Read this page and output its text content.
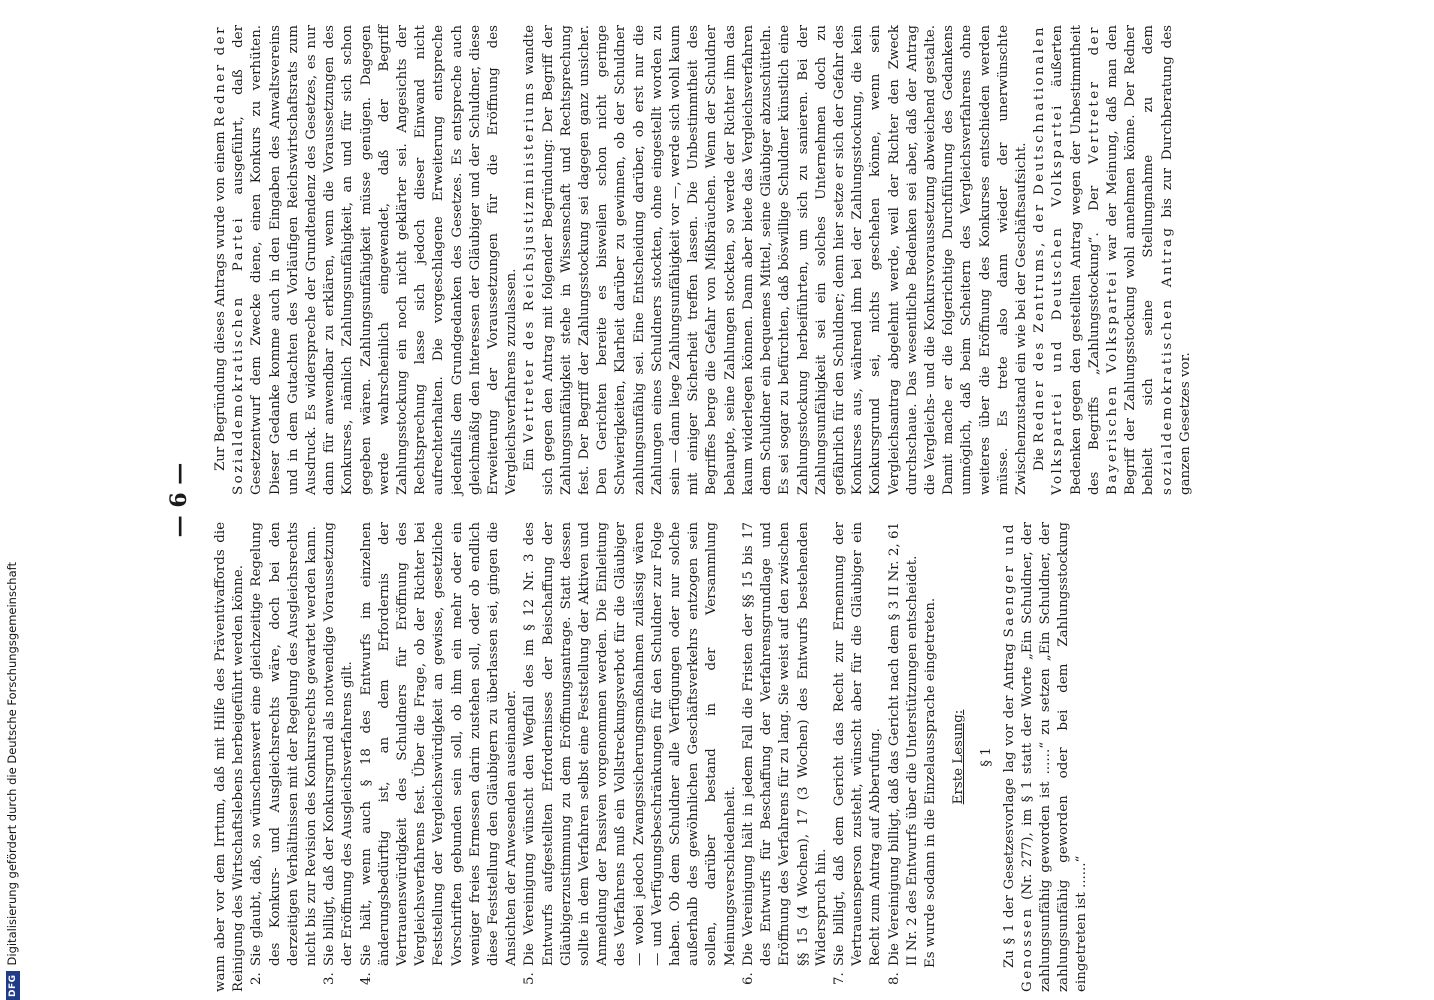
— 6 —

wann aber vor dem Irrtum, daß mit Hilfe des Präventivaffords die Reinigung des Wirtschaftslebens herbeigeführt werden könne. 2. Sie glaubt, daß, so wünschenswert eine gleichzeitige Regelung des Konkurs- und Ausgleichsrechts wäre, doch bei den derzeitigen Verhältnissen mit der Regelung des Ausgleichsrechts nicht bis zur Revision des Konkursrechts gewartet werden kann. 3. Sie billigt, daß der Konkursgrund als notwendige Voraussetzung der Eröffnung des Ausgleichsverfahrens gilt. 4. Sie hält, wenn auch § 18 des Entwurfs im einzelnen änderungsbedürftig ist, an dem Erfordernis der Vertrauenswürdigkeit des Schuldners für Eröffnung des Vergleichsverfahrens fest. Über die Frage, ob der Richter bei Feststellung der Vergleichswürdigkeit an gewisse, gesetzliche Vorschriften gebunden sein soll, ob ihm ein mehr oder ein weniger freies Ermessen darin zustehen soll, oder ob endlich diese Feststellung den Gläubigern zu überlassen sei, gingen die Ansichten der Anwesenden auseinander. 5. Die Vereinigung wünscht den Wegfall des im § 12 Nr. 3 des Entwurfs aufgestellten Erfordernisses der Beischaffung der Gläubigerzustimmung zu dem Eröffnungsantrage. Statt dessen sollte in dem Verfahren selbst eine Feststellung der Aktiven und Anmeldung der Passiven vorgenommen werden. Die Einleitung des Verfahrens muß ein Vollstreckungsverbot für die Gläubiger — wobei jedoch Zwangssicherungsmaßnahmen zulässig wären — und Verfügungsbeschränkungen für den Schuldner zur Folge haben. Ob dem Schuldner alle Verfügungen oder nur solche außerhalb des gewöhnlichen Geschäftsverkehrs entzogen sein sollen, darüber bestand in der Versammlung Meinungsverschiedenheit. 6. Die Vereinigung hält in jedem Fall die Fristen der §§ 15 bis 17 des Entwurfs für Beschaffung der Verfahrensgrundlage und Eröffnung des Verfahrens für zu lang. Sie weist auf den zwischen §§ 15 (4 Wochen), 17 (3 Wochen) des Entwurfs bestehenden Widerspruch hin. 7. Sie billigt, daß dem Gericht das Recht zur Ernennung der Vertrauensperson zusteht, wünscht aber für die Gläubiger ein Recht zum Antrag auf Abberufung. 8. Die Vereinigung billigt, daß das Gericht nach dem § 3 II Nr. 2, 61 II Nr. 2 des Entwurfs über die Unterstützungen entscheidet. Es wurde sodann in die Einzelaussprache eingetreten. Erste Lesung: § 1 Zu § 1 der Gesetzesvorlage lag vor der Antrag Saenger und Genossen (Nr. 277), im § 1 statt der Worte „Ein Schuldner, der zahlungsunfähig geworden ist ......“ zu setzen „Ein Schuldner, der zahlungsunfähig geworden oder bei dem Zahlungsstockung eingetreten ist ......“

Zur Begründung dieses Antrags wurde von einem Redner der Sozialdemokratischen Partei ausgeführt, daß der Gesetzentwurf dem Zwecke diene, einen Konkurs zu verhüten. Dieser Gedanke komme auch in den Eingaben des Anwaltsvereins und in dem Gutachten des Vorläufigen Reichswirtschaftsrats zum Ausdruck. Es widerspreche der Grundtendenz des Gesetzes, es nur dann für anwendbar zu erklären, wenn die Voraussetzungen des Konkurses, nämlich Zahlungsunfähigkeit, an und für sich schon gegeben wären. Zahlungsunfähigkeit müsse genügen. Dagegen werde wahrscheinlich eingewendet, daß der Begriff Zahlungsstockung ein noch nicht geklärter sei. Angesichts der Rechtsprechung lasse sich jedoch dieser Einwand nicht aufrechterhalten. Die vorgeschlagene Erweiterung entspreche jedenfalls dem Grundgedanken des Gesetzes. Es entspreche auch gleichmäßig den Interessen der Gläubiger und der Schuldner, diese Erweiterung der Voraussetzungen für die Eröffnung des Vergleichsverfahrens zuzulassen. Ein Vertreter des Reichsjustizministeriums wandte sich gegen den Antrag mit folgender Begründung: Der Begriff der Zahlungsunfähigkeit stehe in Wissenschaft und Rechtsprechung fest. Der Begriff der Zahlungsstockung sei dagegen ganz unsicher. Den Gerichten bereite es bisweilen schon nicht geringe Schwierigkeiten, Klarheit darüber zu gewinnen, ob der Schuldner zahlungsunfähig sei. Eine Entscheidung darüber, ob erst nur die Zahlungen eines Schuldners stockten, ohne eingestellt worden zu sein — dann liege Zahlungsunfähigkeit vor —, werde sich wohl kaum mit einiger Sicherheit treffen lassen. Die Unbestimmtheit des Begriffes berge die Gefahr von Mißbräuchen. Wenn der Schuldner behaupte, seine Zahlungen stockten, so werde der Richter ihm das kaum widerlegen können. Dann aber biete das Vergleichsverfahren dem Schuldner ein bequemes Mittel, seine Gläubiger abzuschütteln. Es sei sogar zu befürchten, daß böswillige Schuldner künstlich eine Zahlungsstockung herbeiführten, um sich zu sanieren. Bei der Zahlungsunfähigkeit sei ein solches Unternehmen doch zu gefährlich für den Schuldner; denn hier setze er sich der Gefahr des Konkurses aus, während ihm bei der Zahlungsstockung, die kein Konkursgrund sei, nichts geschehen könne, wenn sein Vergleichsantrag abgelehnt werde, weil der Richter den Zweck durchschaue. Das wesentliche Bedenken sei aber, daß der Antrag die Vergleichs- und die Konkursvoraussetzung abweichend gestalte. Damit mache er die folgerichtige Durchführung des Gedankens unmöglich, daß beim Scheitern des Vergleichsverfahrens ohne weiteres über die Eröffnung des Konkurses entschieden werden müsse. Es trete also dann wieder der unerwünschte Zwischenzustand ein wie bei der Geschäftsaufsicht. Die Redner des Zentrums, der Deutschnationalen Volkspartei und Deutschen Volkspartei äußerten Bedenken gegen den gestellten Antrag wegen der Unbestimmtheit des Begriffs „Zahlungsstockung“. Der Vertreter der Bayerischen Volkspartei war der Meinung, daß man den Begriff der Zahlungsstockung wohl annehmen könne. Der Redner behielt sich seine Stellungnahme zu dem sozialdemokratischen Antrag bis zur Durchberatung des ganzen Gesetzes vor.

DFGDigitalisierung gefördert durch die Deutsche Forschungsgemeinschaft
